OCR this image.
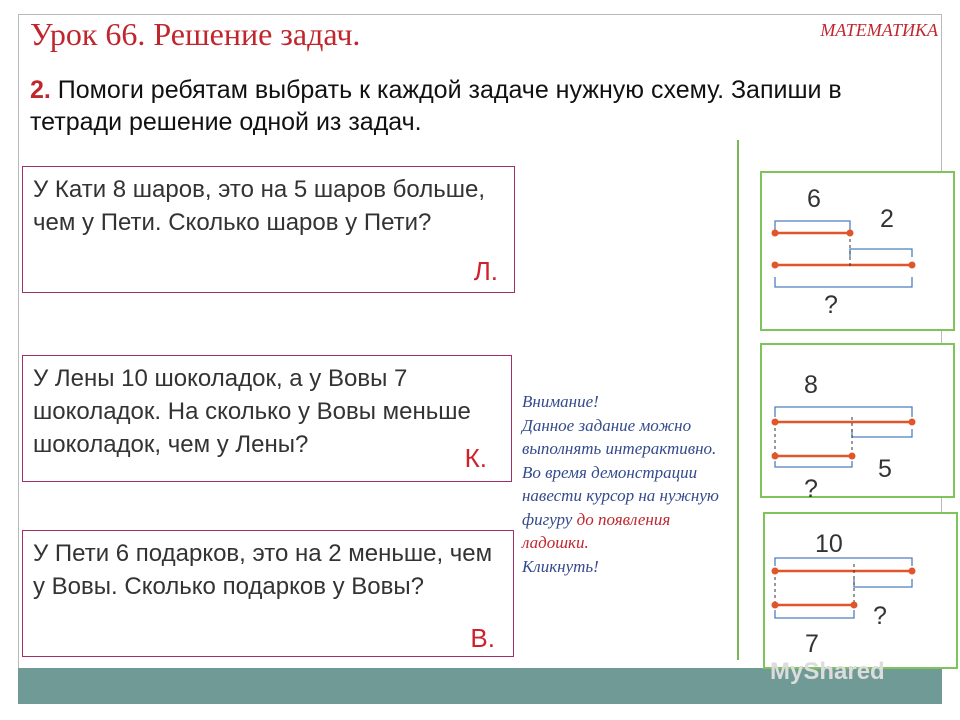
Урок 66. Решение задач.	МАТЕМАТИКА
2. Помоги ребятам выбрать к каждой задаче нужную схему. Запиши в тетради решение одной из задач.
У Кати 8 шаров, это на 5 шаров больше, чем у Пети. Сколько шаров у Пети?
Л.
У Лены 10 шоколадок, а у Вовы 7 шоколадок. На сколько у Вовы меньше шоколадок, чем у Лены?	К.
У Пети 6 подарков, это на 2 меньше, чем у Вовы. Сколько подарков у Вовы?
В.
Внимание!
Данное задание можно выполнять интерактивно. Во время демонстрации навести курсор на нужную фигуру до появления ладошки.
Кликнуть!
6
2
?
8
5
?
10
?
7
MyShared
